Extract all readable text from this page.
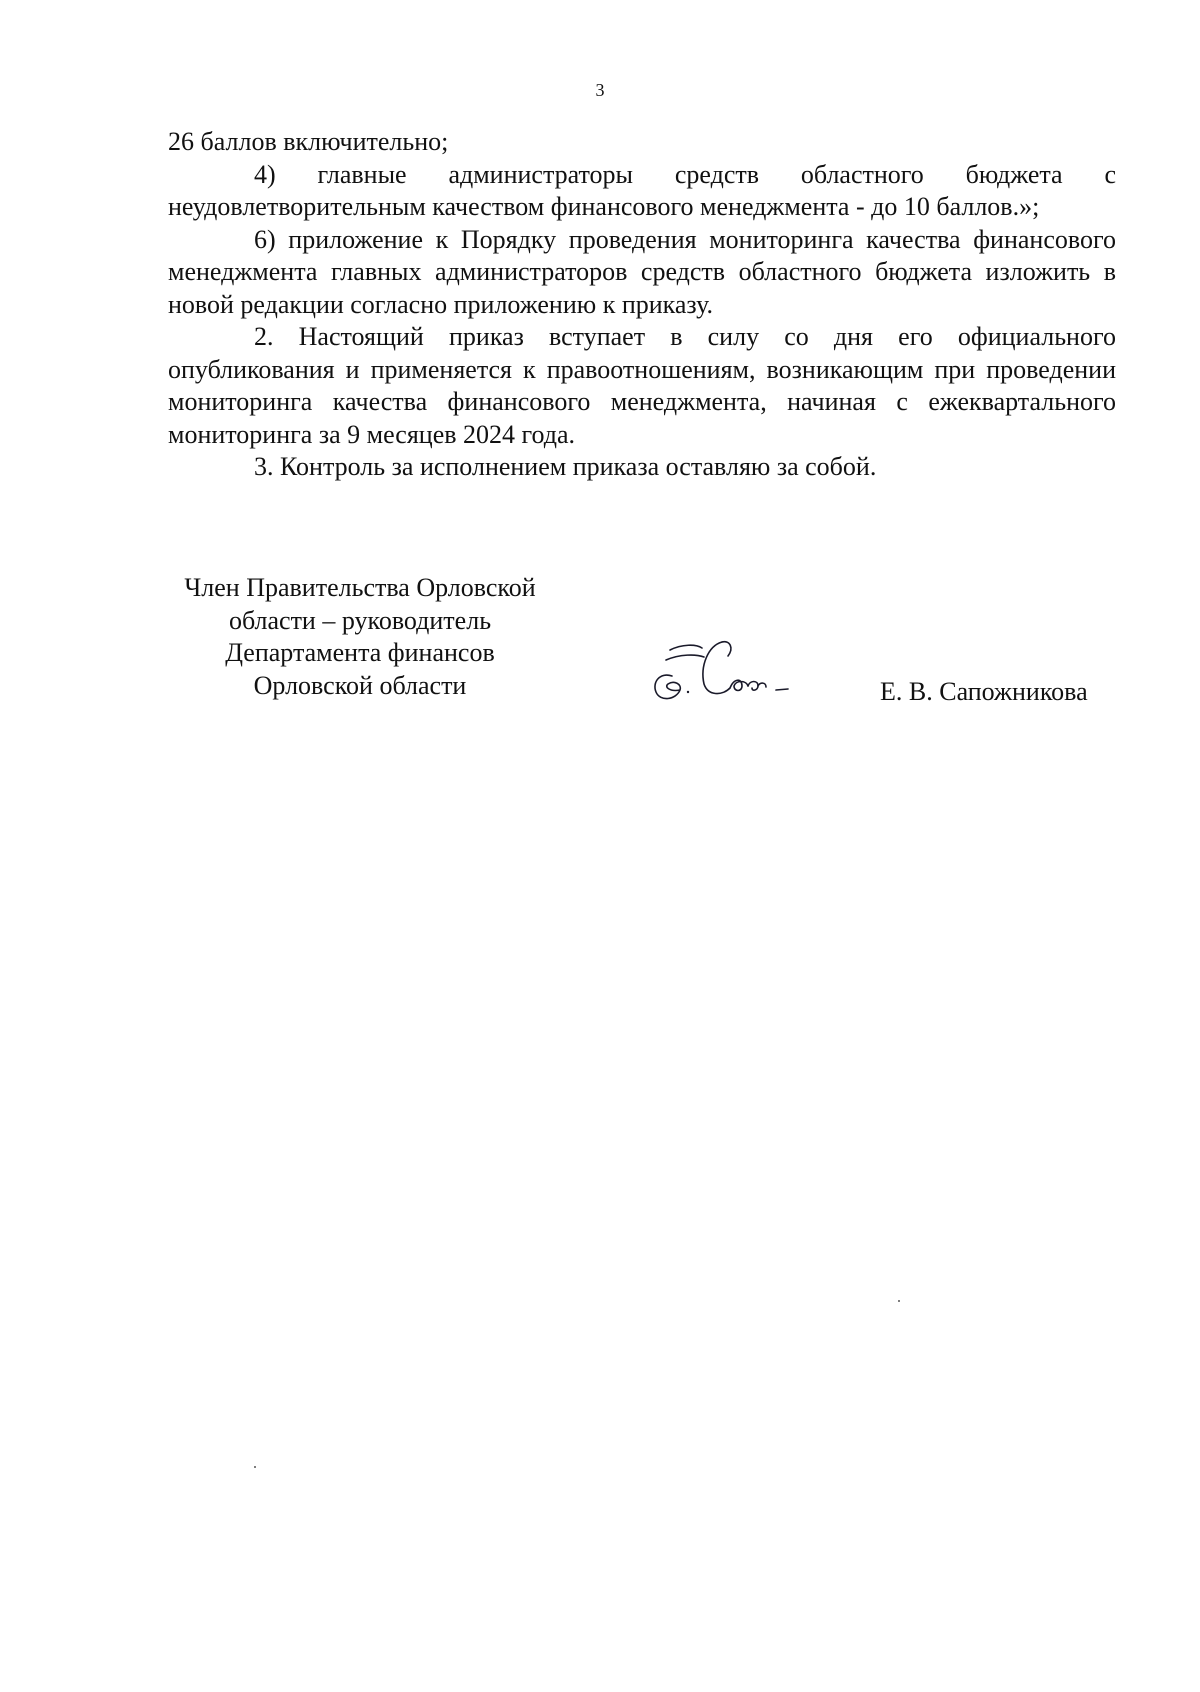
3

26 баллов включительно;

4) главные администраторы средств областного бюджета с неудовлетворительным качеством финансового менеджмента - до 10 баллов.»;

6) приложение к Порядку проведения мониторинга качества финансового менеджмента главных администраторов средств областного бюджета изложить в новой редакции согласно приложению к приказу.

2. Настоящий приказ вступает в силу со дня его официального опубликования и применяется к правоотношениям, возникающим при проведении мониторинга качества финансового менеджмента, начиная с ежеквартального мониторинга за 9 месяцев 2024 года.

3. Контроль за исполнением приказа оставляю за собой.

Член Правительства Орловской
области – руководитель
Департамента финансов
Орловской области	Е. В. Сапожникова
